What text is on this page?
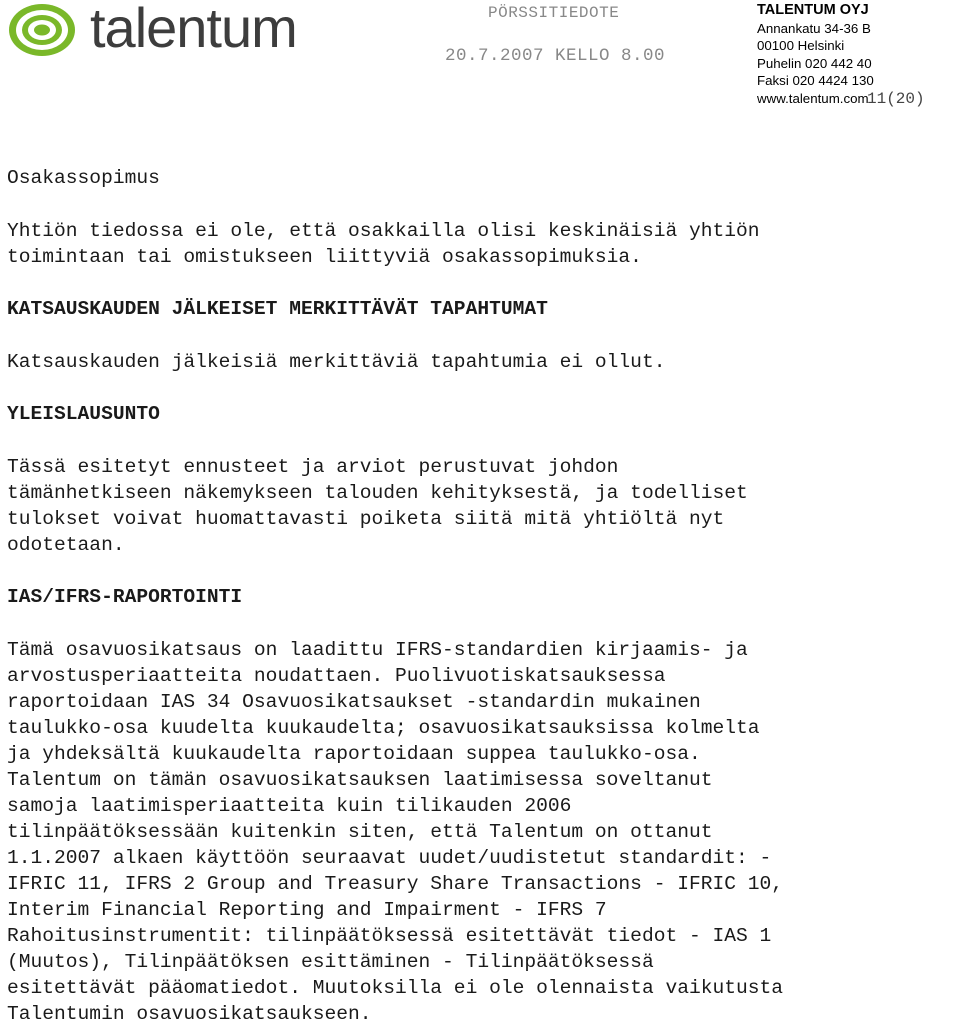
talentum	PÖRSSITIEDOTE
20.7.2007 KELLO 8.00
TALENTUM OYJ
Annankatu 34-36 B
00100 Helsinki
Puhelin 020 442 40
Faksi 020 4424 130
www.talentum.com
11(20)
Osakassopimus

Yhtiön tiedossa ei ole, että osakkailla olisi keskinäisiä yhtiön

toimintaan tai omistukseen liittyviä osakassopimuksia.

KATSAUSKAUDEN JÄLKEISET MERKITTÄVÄT TAPAHTUMAT

Katsauskauden jälkeisiä merkittäviä tapahtumia ei ollut.

YLEISLAUSUNTO

Tässä esitetyt ennusteet ja arviot perustuvat johdon

tämänhetkiseen näkemykseen talouden kehityksestä, ja todelliset

tulokset voivat huomattavasti poiketa siitä mitä yhtiöltä nyt

odotetaan.

IAS/IFRS-RAPORTOINTI

Tämä osavuosikatsaus on laadittu IFRS-standardien kirjaamis- ja

arvostusperiaatteita noudattaen. Puolivuotiskatsauksessa

raportoidaan IAS 34 Osavuosikatsaukset -standardin mukainen

taulukko-osa kuudelta kuukaudelta; osavuosikatsauksissa kolmelta

ja yhdeksältä kuukaudelta raportoidaan suppea taulukko-osa.

Talentum on tämän osavuosikatsauksen laatimisessa soveltanut

samoja laatimisperiaatteita kuin tilikauden 2006

tilinpäätöksessään kuitenkin siten, että Talentum on ottanut

1.1.2007 alkaen käyttöön seuraavat uudet/uudistetut standardit: -

IFRIC 11, IFRS 2 Group and Treasury Share Transactions - IFRIC 10,

Interim Financial Reporting and Impairment - IFRS 7

Rahoitusinstrumentit: tilinpäätöksessä esitettävät tiedot - IAS 1

(Muutos), Tilinpäätöksen esittäminen - Tilinpäätöksessä

esitettävät pääomatiedot. Muutoksilla ei ole olennaista vaikutusta

Talentumin osavuosikatsaukseen.
